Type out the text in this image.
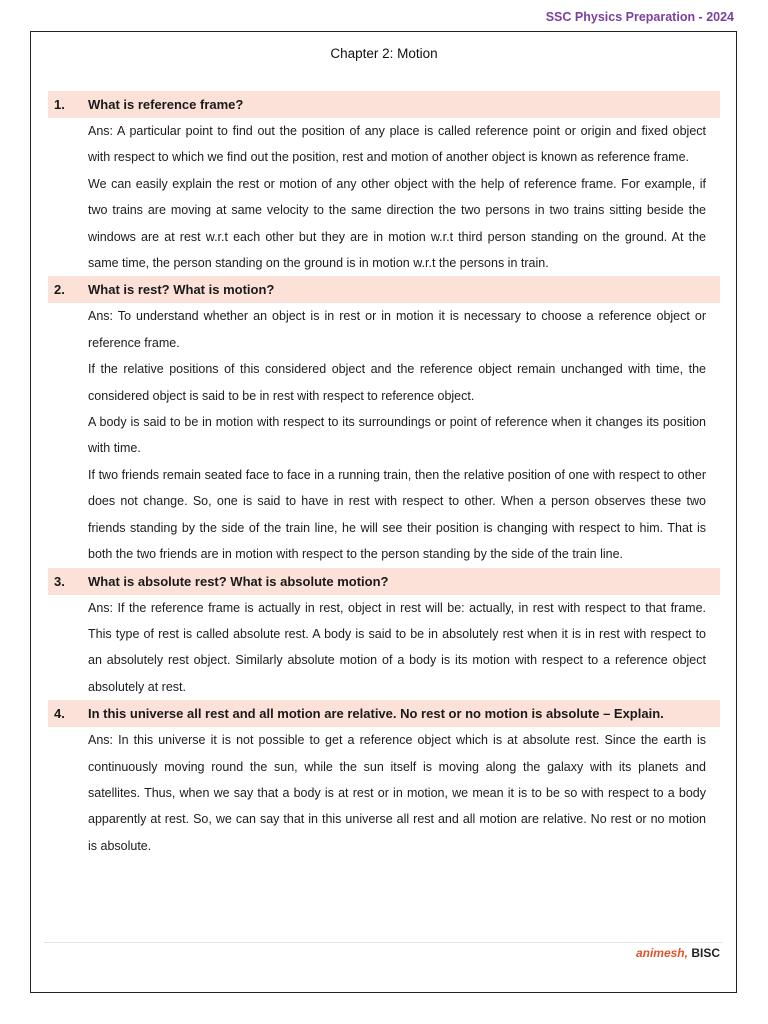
SSC Physics Preparation - 2024
Chapter 2: Motion
1.	What is reference frame?

Ans: A particular point to find out the position of any place is called reference point or origin and fixed object with respect to which we find out the position, rest and motion of another object is known as reference frame.

We can easily explain the rest or motion of any other object with the help of reference frame. For example, if two trains are moving at same velocity to the same direction the two persons in two trains sitting beside the windows are at rest w.r.t each other but they are in motion w.r.t third person standing on the ground. At the same time, the person standing on the ground is in motion w.r.t the persons in train.

2.	What is rest? What is motion?

Ans: To understand whether an object is in rest or in motion it is necessary to choose a reference object or reference frame.

If the relative positions of this considered object and the reference object remain unchanged with time, the considered object is said to be in rest with respect to reference object.

A body is said to be in motion with respect to its surroundings or point of reference when it changes its position with time.

If two friends remain seated face to face in a running train, then the relative position of one with respect to other does not change. So, one is said to have in rest with respect to other. When a person observes these two friends standing by the side of the train line, he will see their position is changing with respect to him. That is both the two friends are in motion with respect to the person standing by the side of the train line.

3.	What is absolute rest? What is absolute motion?

Ans: If the reference frame is actually in rest, object in rest will be: actually, in rest with respect to that frame. This type of rest is called absolute rest. A body is said to be in absolutely rest when it is in rest with respect to an absolutely rest object. Similarly absolute motion of a body is its motion with respect to a reference object absolutely at rest.

4.	In this universe all rest and all motion are relative. No rest or no motion is absolute – Explain.

Ans: In this universe it is not possible to get a reference object which is at absolute rest. Since the earth is continuously moving round the sun, while the sun itself is moving along the galaxy with its planets and satellites. Thus, when we say that a body is at rest or in motion, we mean it is to be so with respect to a body apparently at rest. So, we can say that in this universe all rest and all motion are relative. No rest or no motion is absolute.

animesh, BISC
